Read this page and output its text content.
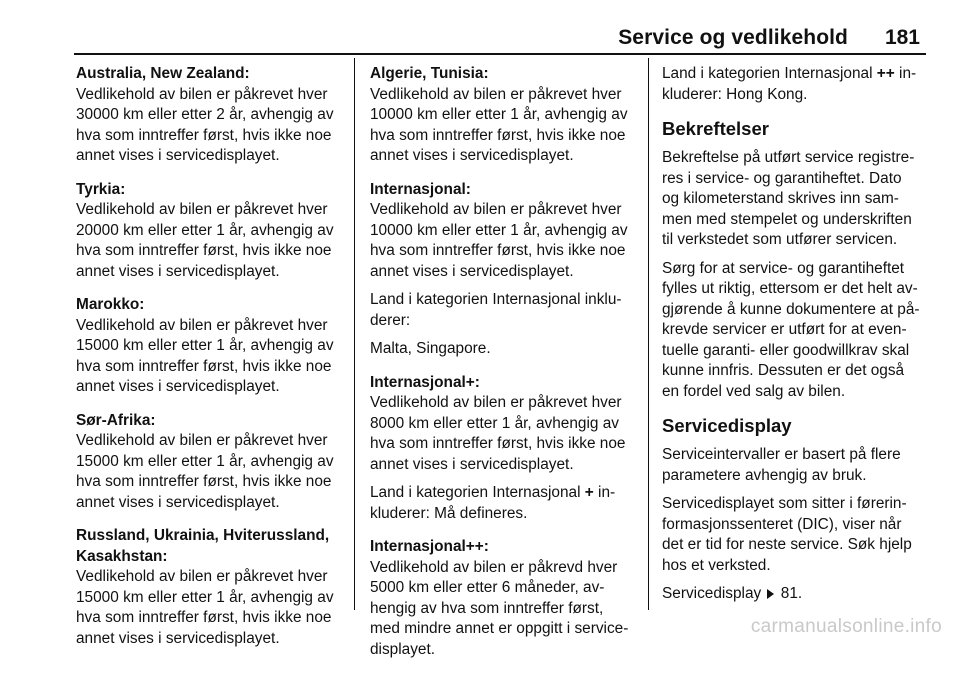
Service og vedlikehold 181
Australia, New Zealand:
Vedlikehold av bilen er påkrevet hver
30000 km eller etter 2 år, avhengig av
hva som inntreffer først, hvis ikke noe
annet vises i servicedisplayet.
Tyrkia:
Vedlikehold av bilen er påkrevet hver
20000 km eller etter 1 år, avhengig av
hva som inntreffer først, hvis ikke noe
annet vises i servicedisplayet.
Marokko:
Vedlikehold av bilen er påkrevet hver
15000 km eller etter 1 år, avhengig av
hva som inntreffer først, hvis ikke noe
annet vises i servicedisplayet.
Sør-Afrika:
Vedlikehold av bilen er påkrevet hver
15000 km eller etter 1 år, avhengig av
hva som inntreffer først, hvis ikke noe
annet vises i servicedisplayet.
Russland, Ukrainia, Hviterussland,
Kasakhstan:
Vedlikehold av bilen er påkrevet hver
15000 km eller etter 1 år, avhengig av
hva som inntreffer først, hvis ikke noe
annet vises i servicedisplayet.
Algerie, Tunisia:
Vedlikehold av bilen er påkrevet hver
10000 km eller etter 1 år, avhengig av
hva som inntreffer først, hvis ikke noe
annet vises i servicedisplayet.
Internasjonal:
Vedlikehold av bilen er påkrevet hver
10000 km eller etter 1 år, avhengig av
hva som inntreffer først, hvis ikke noe
annet vises i servicedisplayet.
Land i kategorien Internasjonal inklu-
derer:
Malta, Singapore.
Internasjonal+:
Vedlikehold av bilen er påkrevet hver
8000 km eller etter 1 år, avhengig av
hva som inntreffer først, hvis ikke noe
annet vises i servicedisplayet.
Land i kategorien Internasjonal + in-
kluderer: Må defineres.
Internasjonal++:
Vedlikehold av bilen er påkrevd hver
5000 km eller etter 6 måneder, av-
hengig av hva som inntreffer først,
med mindre annet er oppgitt i service-
displayet.
Land i kategorien Internasjonal ++ in-
kluderer: Hong Kong.
Bekreftelser
Bekreftelse på utført service registre-
res i service- og garantiheftet. Dato
og kilometerstand skrives inn sam-
men med stempelet og underskriften
til verkstedet som utfører servicen.
Sørg for at service- og garantiheftet
fylles ut riktig, ettersom er det helt av-
gjørende å kunne dokumentere at på-
krevde servicer er utført for at even-
tuelle garanti- eller goodwillkrav skal
kunne innfris. Dessuten er det også
en fordel ved salg av bilen.
Servicedisplay
Serviceintervaller er basert på flere
parametere avhengig av bruk.
Servicedisplayet som sitter i førerin-
formasjonssenteret (DIC), viser når
det er tid for neste service. Søk hjelp
hos et verksted.
Servicedisplay 81.
carmanualsonline.info
